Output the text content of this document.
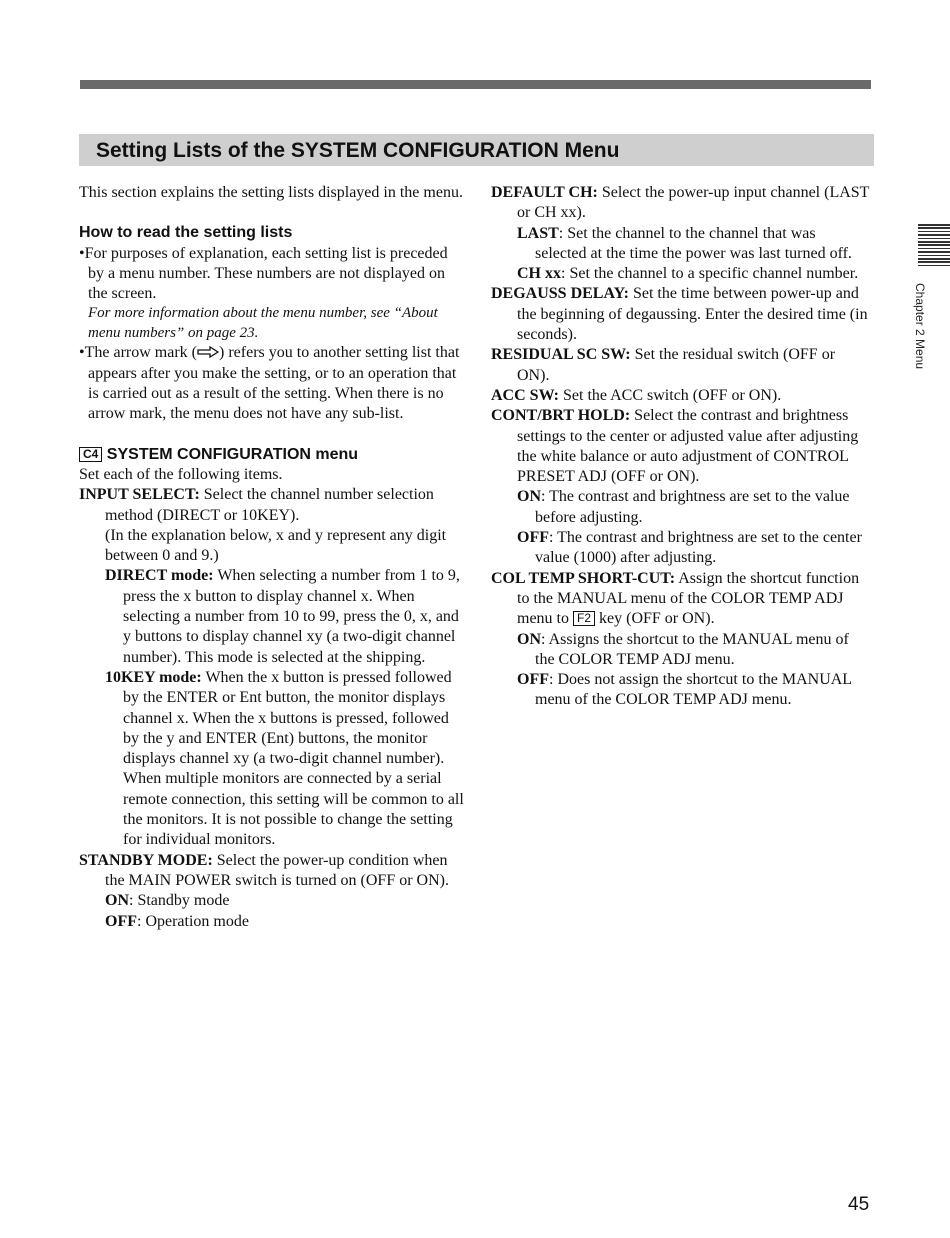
Setting Lists of the SYSTEM CONFIGURATION Menu

This section explains the setting lists displayed in the menu.

How to read the setting lists

•For purposes of explanation, each setting list is preceded by a menu number. These numbers are not displayed on the screen.

For more information about the menu number, see “About menu numbers” on page 23.

•The arrow mark ( ) refers you to another setting list that appears after you make the setting, or to an operation that is carried out as a result of the setting. When there is no arrow mark, the menu does not have any sub-list.

C4 SYSTEM CONFIGURATION menu

Set each of the following items.

INPUT SELECT: Select the channel number selection method (DIRECT or 10KEY).

(In the explanation below, x and y represent any digit between 0 and 9.)

DIRECT mode: When selecting a number from 1 to 9, press the x button to display channel x. When selecting a number from 10 to 99, press the 0, x, and y buttons to display channel xy (a two-digit channel number). This mode is selected at the shipping.

10KEY mode: When the x button is pressed followed by the ENTER or Ent button, the monitor displays channel x. When the x buttons is pressed, followed by the y and ENTER (Ent) buttons, the monitor displays channel xy (a two-digit channel number).

When multiple monitors are connected by a serial remote connection, this setting will be common to all the monitors. It is not possible to change the setting for individual monitors.

STANDBY MODE: Select the power-up condition when the MAIN POWER switch is turned on (OFF or ON).

ON: Standby mode

OFF: Operation mode

DEFAULT CH: Select the power-up input channel (LAST or CH xx).

LAST: Set the channel to the channel that was selected at the time the power was last turned off.

CH xx: Set the channel to a specific channel number.

DEGAUSS DELAY: Set the time between power-up and the beginning of degaussing. Enter the desired time (in seconds).

RESIDUAL SC SW: Set the residual switch (OFF or ON).

ACC SW: Set the ACC switch (OFF or ON).

CONT/BRT HOLD: Select the contrast and brightness settings to the center or adjusted value after adjusting the white balance or auto adjustment of CONTROL PRESET ADJ (OFF or ON).

ON: The contrast and brightness are set to the value before adjusting.

OFF: The contrast and brightness are set to the center value (1000) after adjusting.

COL TEMP SHORT-CUT: Assign the shortcut function to the MANUAL menu of the COLOR TEMP ADJ menu to F2 key (OFF or ON).

ON: Assigns the shortcut to the MANUAL menu of the COLOR TEMP ADJ menu.

OFF: Does not assign the shortcut to the MANUAL menu of the COLOR TEMP ADJ menu.

Chapter 2 Menu
45
